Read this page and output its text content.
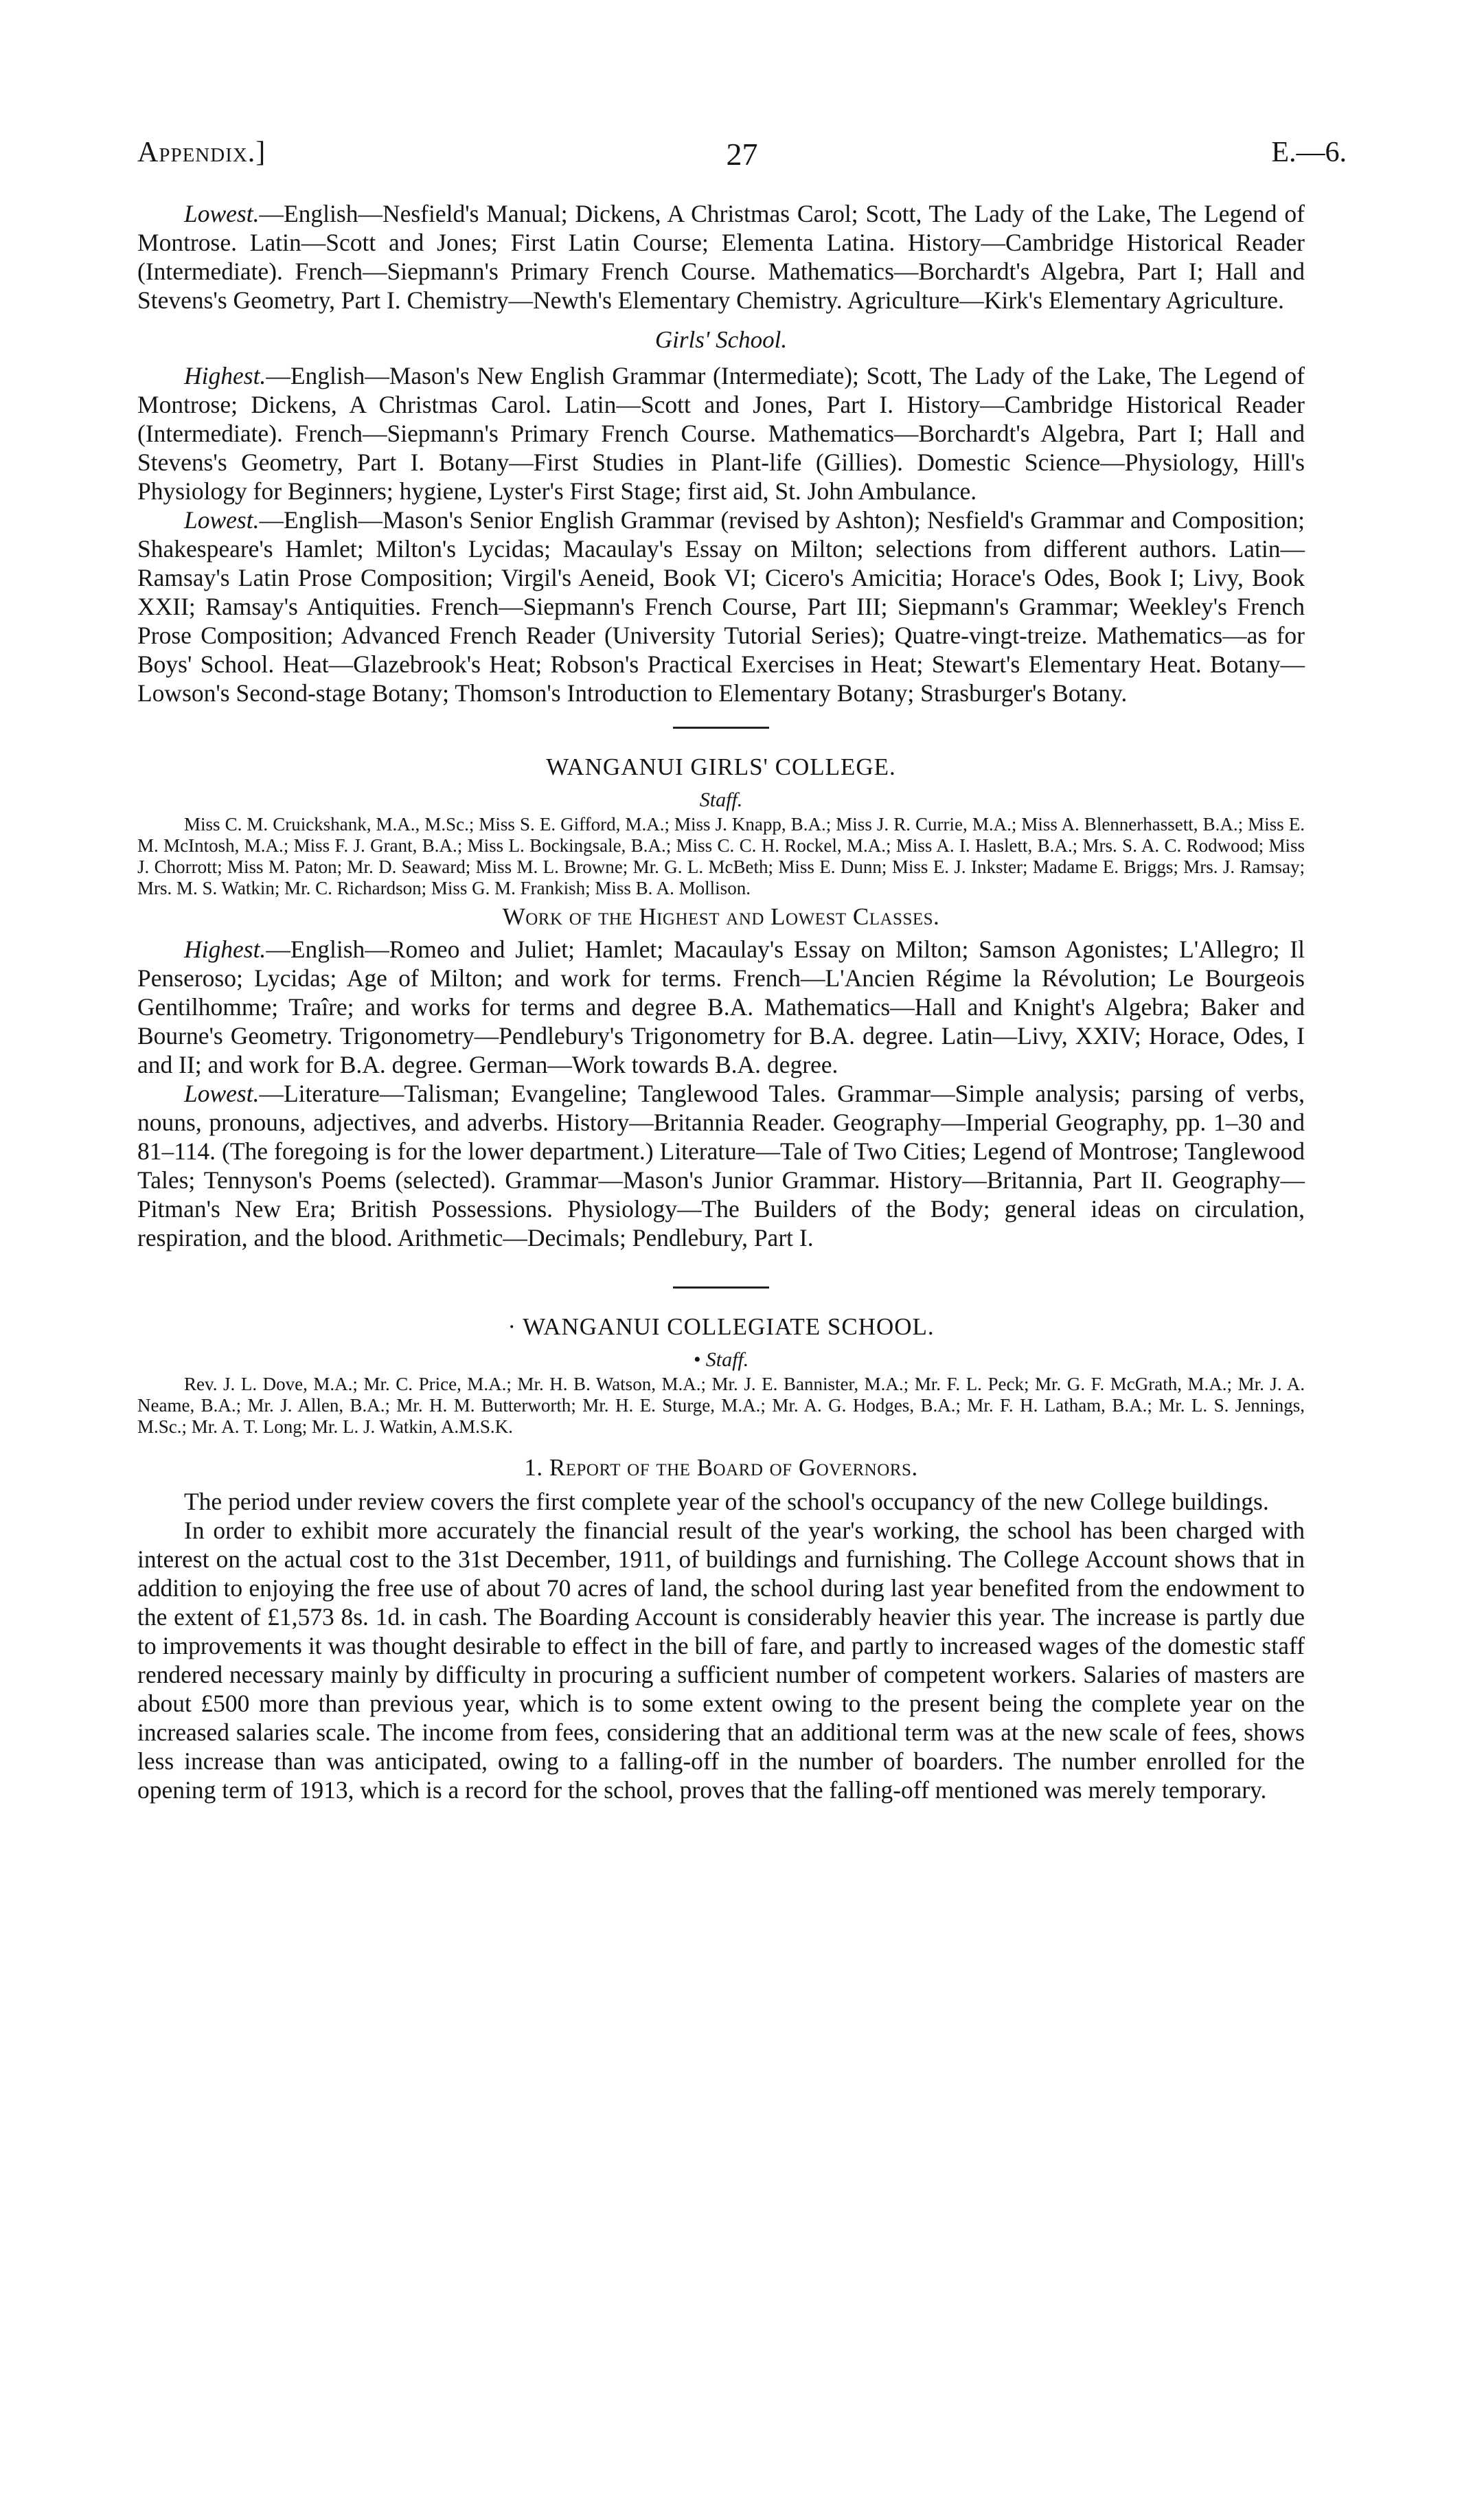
Appendix.]	27	E.—6.

Lowest.—English—Nesfield's Manual; Dickens, A Christmas Carol; Scott, The Lady of the Lake, The Legend of Montrose. Latin—Scott and Jones; First Latin Course; Elementa Latina. History—Cambridge Historical Reader (Intermediate). French—Siepmann's Primary French Course. Mathematics—Borchardt's Algebra, Part I; Hall and Stevens's Geometry, Part I. Chemistry—Newth's Elementary Chemistry. Agriculture—Kirk's Elementary Agriculture.

Girls' School.

Highest.—English—Mason's New English Grammar (Intermediate); Scott, The Lady of the Lake, The Legend of Montrose; Dickens, A Christmas Carol. Latin—Scott and Jones, Part I. History—Cambridge Historical Reader (Intermediate). French—Siepmann's Primary French Course. Mathematics—Borchardt's Algebra, Part I; Hall and Stevens's Geometry, Part I. Botany—First Studies in Plant-life (Gillies). Domestic Science—Physiology, Hill's Physiology for Beginners; hygiene, Lyster's First Stage; first aid, St. John Ambulance.

Lowest.—English—Mason's Senior English Grammar (revised by Ashton); Nesfield's Grammar and Composition; Shakespeare's Hamlet; Milton's Lycidas; Macaulay's Essay on Milton; selections from different authors. Latin—Ramsay's Latin Prose Composition; Virgil's Aeneid, Book VI; Cicero's Amicitia; Horace's Odes, Book I; Livy, Book XXII; Ramsay's Antiquities. French—Siepmann's French Course, Part III; Siepmann's Grammar; Weekley's French Prose Composition; Advanced French Reader (University Tutorial Series); Quatre-vingt-treize. Mathematics—as for Boys' School. Heat—Glazebrook's Heat; Robson's Practical Exercises in Heat; Stewart's Elementary Heat. Botany—Lowson's Second-stage Botany; Thomson's Introduction to Elementary Botany; Strasburger's Botany.

WANGANUI GIRLS' COLLEGE.

Staff.

Miss C. M. Cruickshank, M.A., M.Sc.; Miss S. E. Gifford, M.A.; Miss J. Knapp, B.A.; Miss J. R. Currie, M.A.; Miss A. Blennerhassett, B.A.; Miss E. M. McIntosh, M.A.; Miss F. J. Grant, B.A.; Miss L. Bockingsale, B.A.; Miss C. C. H. Rockel, M.A.; Miss A. I. Haslett, B.A.; Mrs. S. A. C. Rodwood; Miss J. Chorrott; Miss M. Paton; Mr. D. Seaward; Miss M. L. Browne; Mr. G. L. McBeth; Miss E. Dunn; Miss E. J. Inkster; Madame E. Briggs; Mrs. J. Ramsay; Mrs. M. S. Watkin; Mr. C. Richardson; Miss G. M. Frankish; Miss B. A. Mollison.

Work of the Highest and Lowest Classes.

Highest.—English—Romeo and Juliet; Hamlet; Macaulay's Essay on Milton; Samson Agonistes; L'Allegro; Il Penseroso; Lycidas; Age of Milton; and work for terms. French—L'Ancien Régime la Révolution; Le Bourgeois Gentilhomme; Traîre; and works for terms and degree B.A. Mathematics—Hall and Knight's Algebra; Baker and Bourne's Geometry. Trigonometry—Pendlebury's Trigonometry for B.A. degree. Latin—Livy, XXIV; Horace, Odes, I and II; and work for B.A. degree. German—Work towards B.A. degree.

Lowest.—Literature—Talisman; Evangeline; Tanglewood Tales. Grammar—Simple analysis; parsing of verbs, nouns, pronouns, adjectives, and adverbs. History—Britannia Reader. Geography—Imperial Geography, pp. 1–30 and 81–114. (The foregoing is for the lower department.) Literature—Tale of Two Cities; Legend of Montrose; Tanglewood Tales; Tennyson's Poems (selected). Grammar—Mason's Junior Grammar. History—Britannia, Part II. Geography—Pitman's New Era; British Possessions. Physiology—The Builders of the Body; general ideas on circulation, respiration, and the blood. Arithmetic—Decimals; Pendlebury, Part I.

· WANGANUI COLLEGIATE SCHOOL.

• Staff.

Rev. J. L. Dove, M.A.; Mr. C. Price, M.A.; Mr. H. B. Watson, M.A.; Mr. J. E. Bannister, M.A.; Mr. F. L. Peck; Mr. G. F. McGrath, M.A.; Mr. J. A. Neame, B.A.; Mr. J. Allen, B.A.; Mr. H. M. Butterworth; Mr. H. E. Sturge, M.A.; Mr. A. G. Hodges, B.A.; Mr. F. H. Latham, B.A.; Mr. L. S. Jennings, M.Sc.; Mr. A. T. Long; Mr. L. J. Watkin, A.M.S.K.

1. Report of the Board of Governors.

The period under review covers the first complete year of the school's occupancy of the new College buildings.

In order to exhibit more accurately the financial result of the year's working, the school has been charged with interest on the actual cost to the 31st December, 1911, of buildings and furnishing. The College Account shows that in addition to enjoying the free use of about 70 acres of land, the school during last year benefited from the endowment to the extent of £1,573 8s. 1d. in cash. The Boarding Account is considerably heavier this year. The increase is partly due to improvements it was thought desirable to effect in the bill of fare, and partly to increased wages of the domestic staff rendered necessary mainly by difficulty in procuring a sufficient number of competent workers. Salaries of masters are about £500 more than previous year, which is to some extent owing to the present being the complete year on the increased salaries scale. The income from fees, considering that an additional term was at the new scale of fees, shows less increase than was anticipated, owing to a falling-off in the number of boarders. The number enrolled for the opening term of 1913, which is a record for the school, proves that the falling-off mentioned was merely temporary.
